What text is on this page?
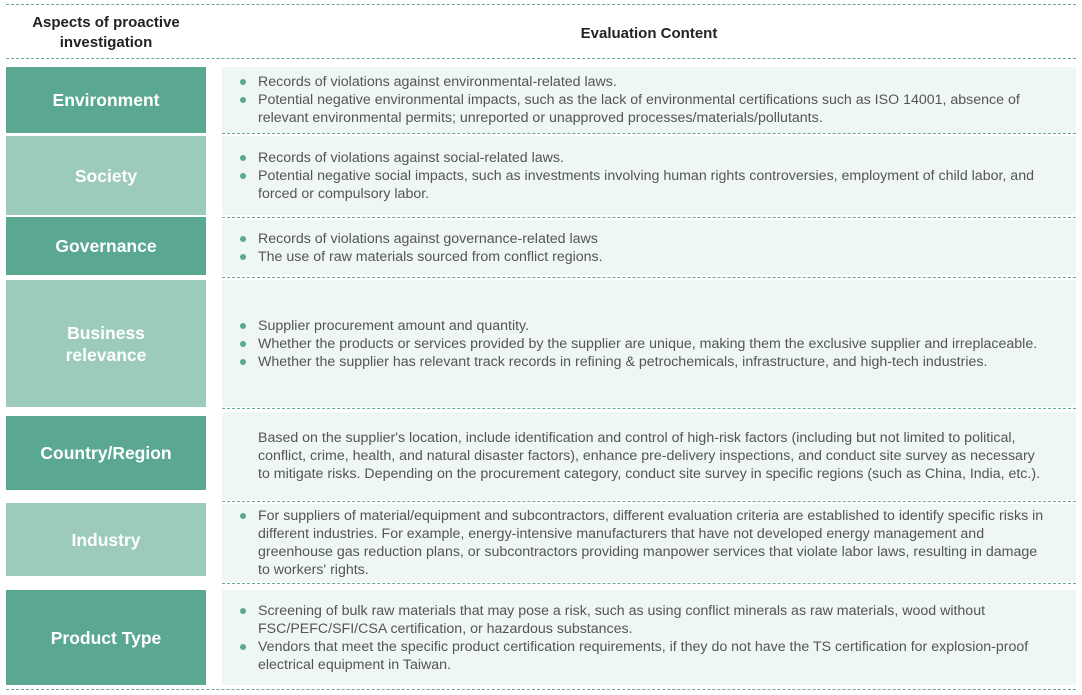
Aspects of proactive investigation
Evaluation Content
Environment
Records of violations against environmental-related laws.
Potential negative environmental impacts, such as the lack of environmental certifications such as ISO 14001, absence of relevant environmental permits; unreported or unapproved processes/materials/pollutants.
Society
Records of violations against social-related laws.
Potential negative social impacts, such as investments involving human rights controversies, employment of child labor, and forced or compulsory labor.
Governance	Records of violations against governance-related laws
The use of raw materials sourced from conflict regions.
Business relevance
Supplier procurement amount and quantity.
Whether the products or services provided by the supplier are unique, making them the exclusive supplier and irreplaceable.
Whether the supplier has relevant track records in refining & petrochemicals, infrastructure, and high-tech industries.
Country/Region

Based on the supplier's location, include identification and control of high-risk factors (including but not limited to political, conflict, crime, health, and natural disaster factors), enhance pre-delivery inspections, and conduct site survey as necessary to mitigate risks. Depending on the procurement category, conduct site survey in specific regions (such as China, India, etc.).

Industry
For suppliers of material/equipment and subcontractors, different evaluation criteria are established to identify specific risks in different industries. For example, energy-intensive manufacturers that have not developed energy management and greenhouse gas reduction plans, or subcontractors providing manpower services that violate labor laws, resulting in damage to workers' rights.
Product Type
Screening of bulk raw materials that may pose a risk, such as using conflict minerals as raw materials, wood without FSC/PEFC/SFI/CSA certification, or hazardous substances.
Vendors that meet the specific product certification requirements, if they do not have the TS certification for explosion-proof electrical equipment in Taiwan.
